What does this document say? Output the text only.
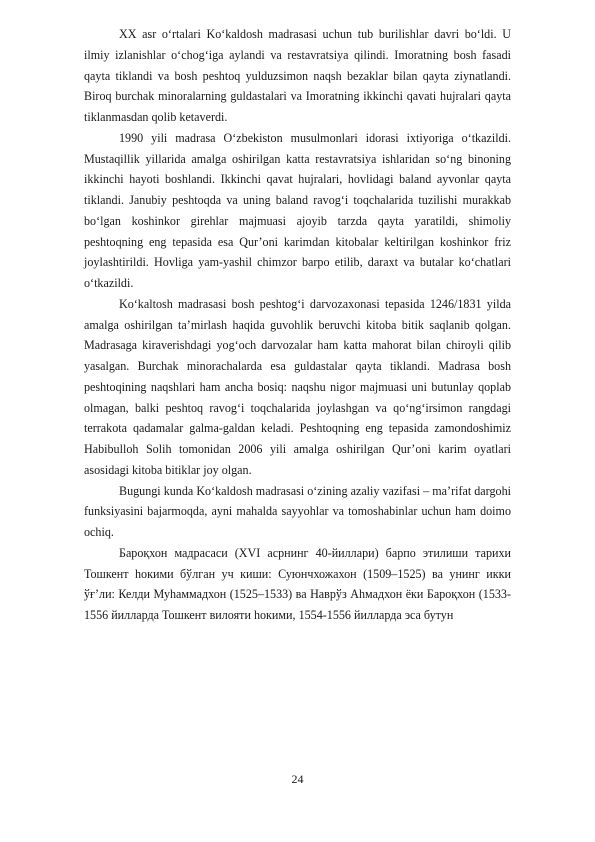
XX asr o‘rtalari Ko‘kaldosh madrasasi uchun tub burilishlar davri bo‘ldi. U ilmiy izlanishlar o‘chog‘iga aylandi va restavratsiya qilindi. Imoratning bosh fasadi qayta tiklandi va bosh peshtoq yulduzsimon naqsh bezaklar bilan qayta ziynatlandi. Biroq burchak minoralarning guldastalari va Imoratning ikkinchi qavati hujralari qayta tiklanmasdan qolib ketaverdi.

1990 yili madrasa O‘zbekiston musulmonlari idorasi ixtiyoriga o‘tkazildi. Mustaqillik yillarida amalga oshirilgan katta restavratsiya ishlaridan so‘ng binoning ikkinchi hayoti boshlandi. Ikkinchi qavat hujralari, hovlidagi baland ayvonlar qayta tiklandi. Janubiy peshtoqda va uning baland ravog‘i toqchalarida tuzilishi murakkab bo‘lgan koshinkor girehlar majmuasi ajoyib tarzda qayta yaratildi, shimoliy peshtoqning eng tepasida esa Qur’oni karimdan kitobalar keltirilgan koshinkor friz joylashtirildi. Hovliga yam-yashil chimzor barpo etilib, daraxt va butalar ko‘chatlari o‘tkazildi.

Ko‘kaltosh madrasasi bosh peshtog‘i darvozaxonasi tepasida 1246/1831 yilda amalga oshirilgan ta’mirlash haqida guvohlik beruvchi kitoba bitik saqlanib qolgan. Madrasaga kiraverishdagi yog‘och darvozalar ham katta mahorat bilan chiroyli qilib yasalgan. Burchak minorachalarda esa guldastalar qayta tiklandi. Madrasa bosh peshtoqining naqshlari ham ancha bosiq: naqshu nigor majmuasi uni butunlay qoplab olmagan, balki peshtoq ravog‘i toqchalarida joylashgan va qo‘ng‘irsimon rangdagi terrakota qadamalar galma-galdan keladi. Peshtoqning eng tepasida zamondoshimiz Habibulloh Solih tomonidan 2006 yili amalga oshirilgan Qur’oni karim oyatlari asosidagi kitoba bitiklar joy olgan.

Bugungi kunda Ko‘kaldosh madrasasi o‘zining azaliy vazifasi – ma’rifat dargohi funksiyasini bajarmoqda, ayni mahalda sayyohlar va tomoshabinlar uchun ham doimo ochiq.

Бароқхон мадрасаси (XVI асрнинг 40-йиллари) барпо этилиши тарихи Тошкент hокими бўлган уч киши: Суюнчхожахон (1509–1525) ва унинг икки ўғ’ли: Келди Муhаммадхон (1525–1533) ва Наврўз Аhмадхон ёки Бароқхон (1533-1556 йилларда Тошкент вилояти hокими, 1554-1556 йилларда эса бутун

24
